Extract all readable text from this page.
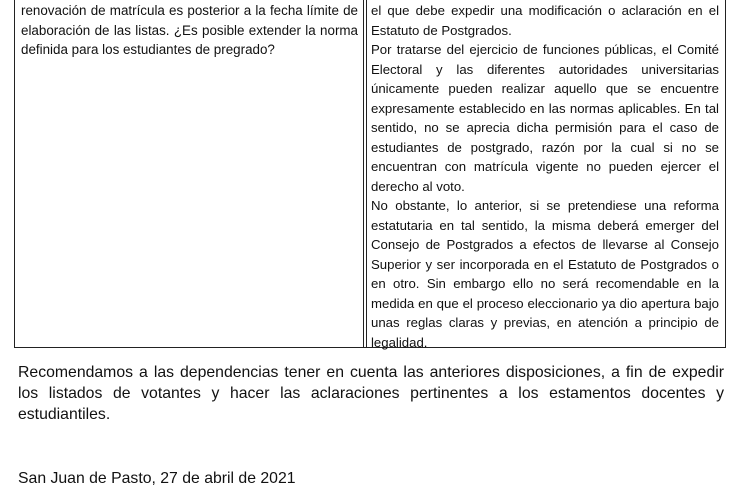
renovación de matrícula es posterior a la fecha límite de elaboración de las listas. ¿Es posible extender la norma definida para los estudiantes de pregrado?

el que debe expedir una modificación o aclaración en el Estatuto de Postgrados.

Por tratarse del ejercicio de funciones públicas, el Comité Electoral y las diferentes autoridades universitarias únicamente pueden realizar aquello que se encuentre expresamente establecido en las normas aplicables. En tal sentido, no se aprecia dicha permisión para el caso de estudiantes de postgrado, razón por la cual si no se encuentran con matrícula vigente no pueden ejercer el derecho al voto.

No obstante, lo anterior, si se pretendiese una reforma estatutaria en tal sentido, la misma deberá emerger del Consejo de Postgrados a efectos de llevarse al Consejo Superior y ser incorporada en el Estatuto de Postgrados o en otro. Sin embargo ello no será recomendable en la medida en que el proceso eleccionario ya dio apertura bajo unas reglas claras y previas, en atención a principio de legalidad.

Recomendamos a las dependencias tener en cuenta las anteriores disposiciones, a fin de expedir los listados de votantes y hacer las aclaraciones pertinentes a los estamentos docentes y estudiantiles.

San Juan de Pasto, 27 de abril de 2021
